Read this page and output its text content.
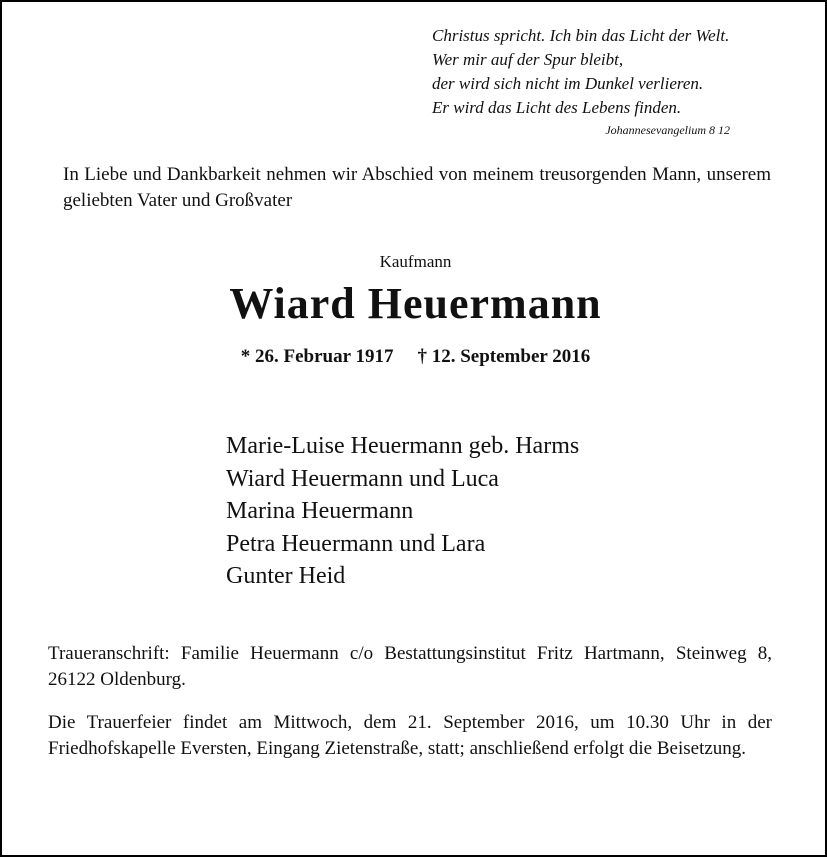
Christus spricht. Ich bin das Licht der Welt.
Wer mir auf der Spur bleibt,
der wird sich nicht im Dunkel verlieren.
Er wird das Licht des Lebens finden.
Johannesevangelium 8 12
In Liebe und Dankbarkeit nehmen wir Abschied von meinem treusorgenden Mann, unserem geliebten Vater und Großvater
Kaufmann
Wiard Heuermann
* 26. Februar 1917 † 12. September 2016
Marie-Luise Heuermann geb. Harms
Wiard Heuermann und Luca
Marina Heuermann
Petra Heuermann und Lara
Gunter Heid
Traueranschrift: Familie Heuermann c/o Bestattungsinstitut Fritz Hartmann, Steinweg 8, 26122 Oldenburg.
Die Trauerfeier findet am Mittwoch, dem 21. September 2016, um 10.30 Uhr in der Friedhofskapelle Eversten, Eingang Zietenstraße, statt; anschließend erfolgt die Beisetzung.
